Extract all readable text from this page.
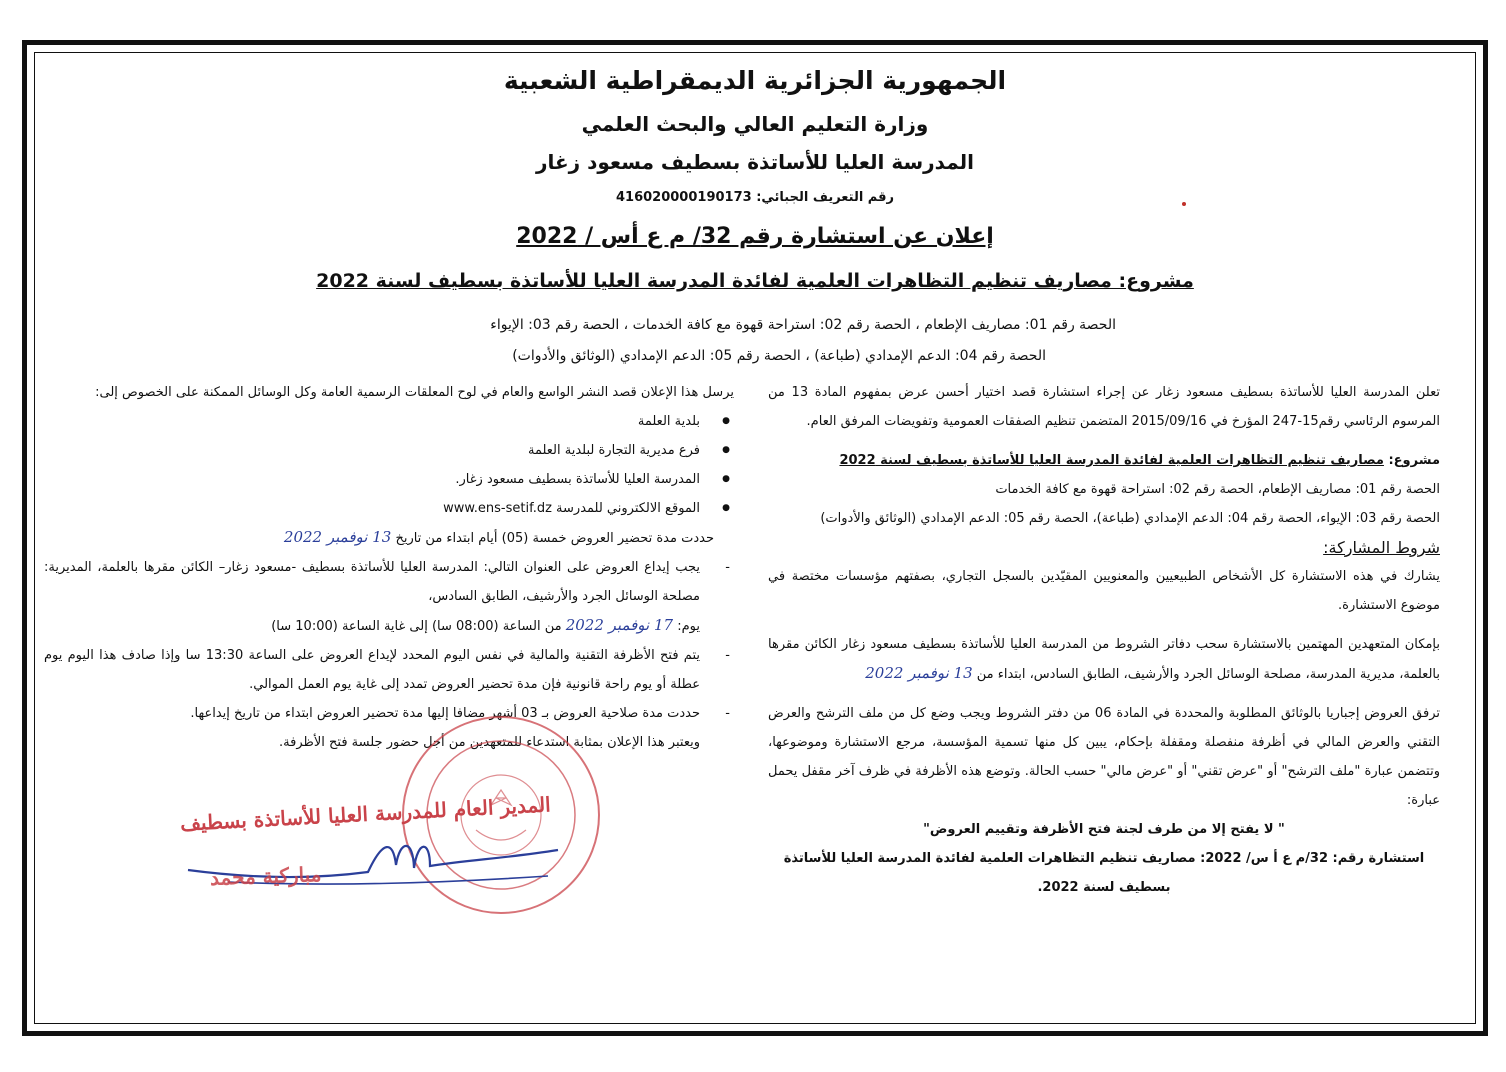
الجمهورية الجزائرية الديمقراطية الشعبية
وزارة التعليم العالي والبحث العلمي
المدرسة العليا للأساتذة بسطيف مسعود زغار
رقم التعريف الجبائي: 416020000190173
إعلان عن استشارة رقم 32/ م ع أس / 2022
مشروع: مصاريف تنظيم التظاهرات العلمية لفائدة المدرسة العليا للأساتذة بسطيف لسنة 2022
الحصة رقم 01: مصاريف الإطعام ، الحصة رقم 02: استراحة قهوة مع كافة الخدمات ، الحصة رقم 03: الإيواء
الحصة رقم 04: الدعم الإمدادي (طباعة) ، الحصة رقم 05: الدعم الإمدادي (الوثائق والأدوات)

تعلن المدرسة العليا للأساتذة بسطيف مسعود زغار عن إجراء استشارة قصد اختيار أحسن عرض بمفهوم المادة 13 من المرسوم الرئاسي رقم15-247 المؤرخ في 2015/09/16 المتضمن تنظيم الصفقات العمومية وتفويضات المرفق العام.

مشروع: مصاريف تنظيم التظاهرات العلمية لفائدة المدرسة العليا للأساتذة بسطيف لسنة 2022

الحصة رقم 01: مصاريف الإطعام، الحصة رقم 02: استراحة قهوة مع كافة الخدمات

الحصة رقم 03: الإيواء، الحصة رقم 04: الدعم الإمدادي (طباعة)، الحصة رقم 05: الدعم الإمدادي (الوثائق والأدوات)

شروط المشاركة:

يشارك في هذه الاستشارة كل الأشخاص الطبيعيين والمعنويين المقيّدين بالسجل التجاري، بصفتهم مؤسسات مختصة في موضوع الاستشارة.

بإمكان المتعهدين المهتمين بالاستشارة سحب دفاتر الشروط من المدرسة العليا للأساتذة بسطيف مسعود زغار الكائن مقرها بالعلمة، مديرية المدرسة، مصلحة الوسائل الجرد والأرشيف، الطابق السادس، ابتداء من 13 نوفمبر 2022

ترفق العروض إجباريا بالوثائق المطلوبة والمحددة في المادة 06 من دفتر الشروط ويجب وضع كل من ملف الترشح والعرض التقني والعرض المالي في أظرفة منفصلة ومقفلة بإحكام، يبين كل منها تسمية المؤسسة، مرجع الاستشارة وموضوعها، وتتضمن عبارة "ملف الترشح" أو "عرض تقني" أو "عرض مالي" حسب الحالة. وتوضع هذه الأظرفة في ظرف آخر مقفل يحمل عبارة:

" لا يفتح إلا من طرف لجنة فتح الأظرفة وتقييم العروض"

استشارة رقم: 32/م ع أ س/ 2022: مصاريف تنظيم التظاهرات العلمية لفائدة المدرسة العليا للأساتذة

بسطيف لسنة 2022.

يرسل هذا الإعلان قصد النشر الواسع والعام في لوح المعلقات الرسمية العامة وكل الوسائل الممكنة على الخصوص إلى:

● بلدية العلمة
● فرع مديرية التجارة لبلدية العلمة
● المدرسة العليا للأساتذة بسطيف مسعود زغار.
● الموقع الالكتروني للمدرسة www.ens-setif.dz

حددت مدة تحضير العروض خمسة (05) أيام ابتداء من تاريخ 13 نوفمبر 2022

- يجب إيداع العروض على العنوان التالي: المدرسة العليا للأساتذة بسطيف -مسعود زغار– الكائن مقرها بالعلمة، المديرية: مصلحة الوسائل الجرد والأرشيف، الطابق السادس،

يوم: 17 نوفمبر 2022 من الساعة (08:00 سا) إلى غاية الساعة (10:00 سا)

- يتم فتح الأظرفة التقنية والمالية في نفس اليوم المحدد لإيداع العروض على الساعة 13:30 سا وإذا صادف هذا اليوم يوم عطلة أو يوم راحة قانونية فإن مدة تحضير العروض تمدد إلى غاية يوم العمل الموالي.

- حددت مدة صلاحية العروض بـ 03 أشهر مضافا إليها مدة تحضير العروض ابتداء من تاريخ إيداعها.

ويعتبر هذا الإعلان بمثابة استدعاء للمتعهدين من أجل حضور جلسة فتح الأظرفة.

المدير العام للمدرسة العليا للأساتذة بسطيف
مباركية محمد
